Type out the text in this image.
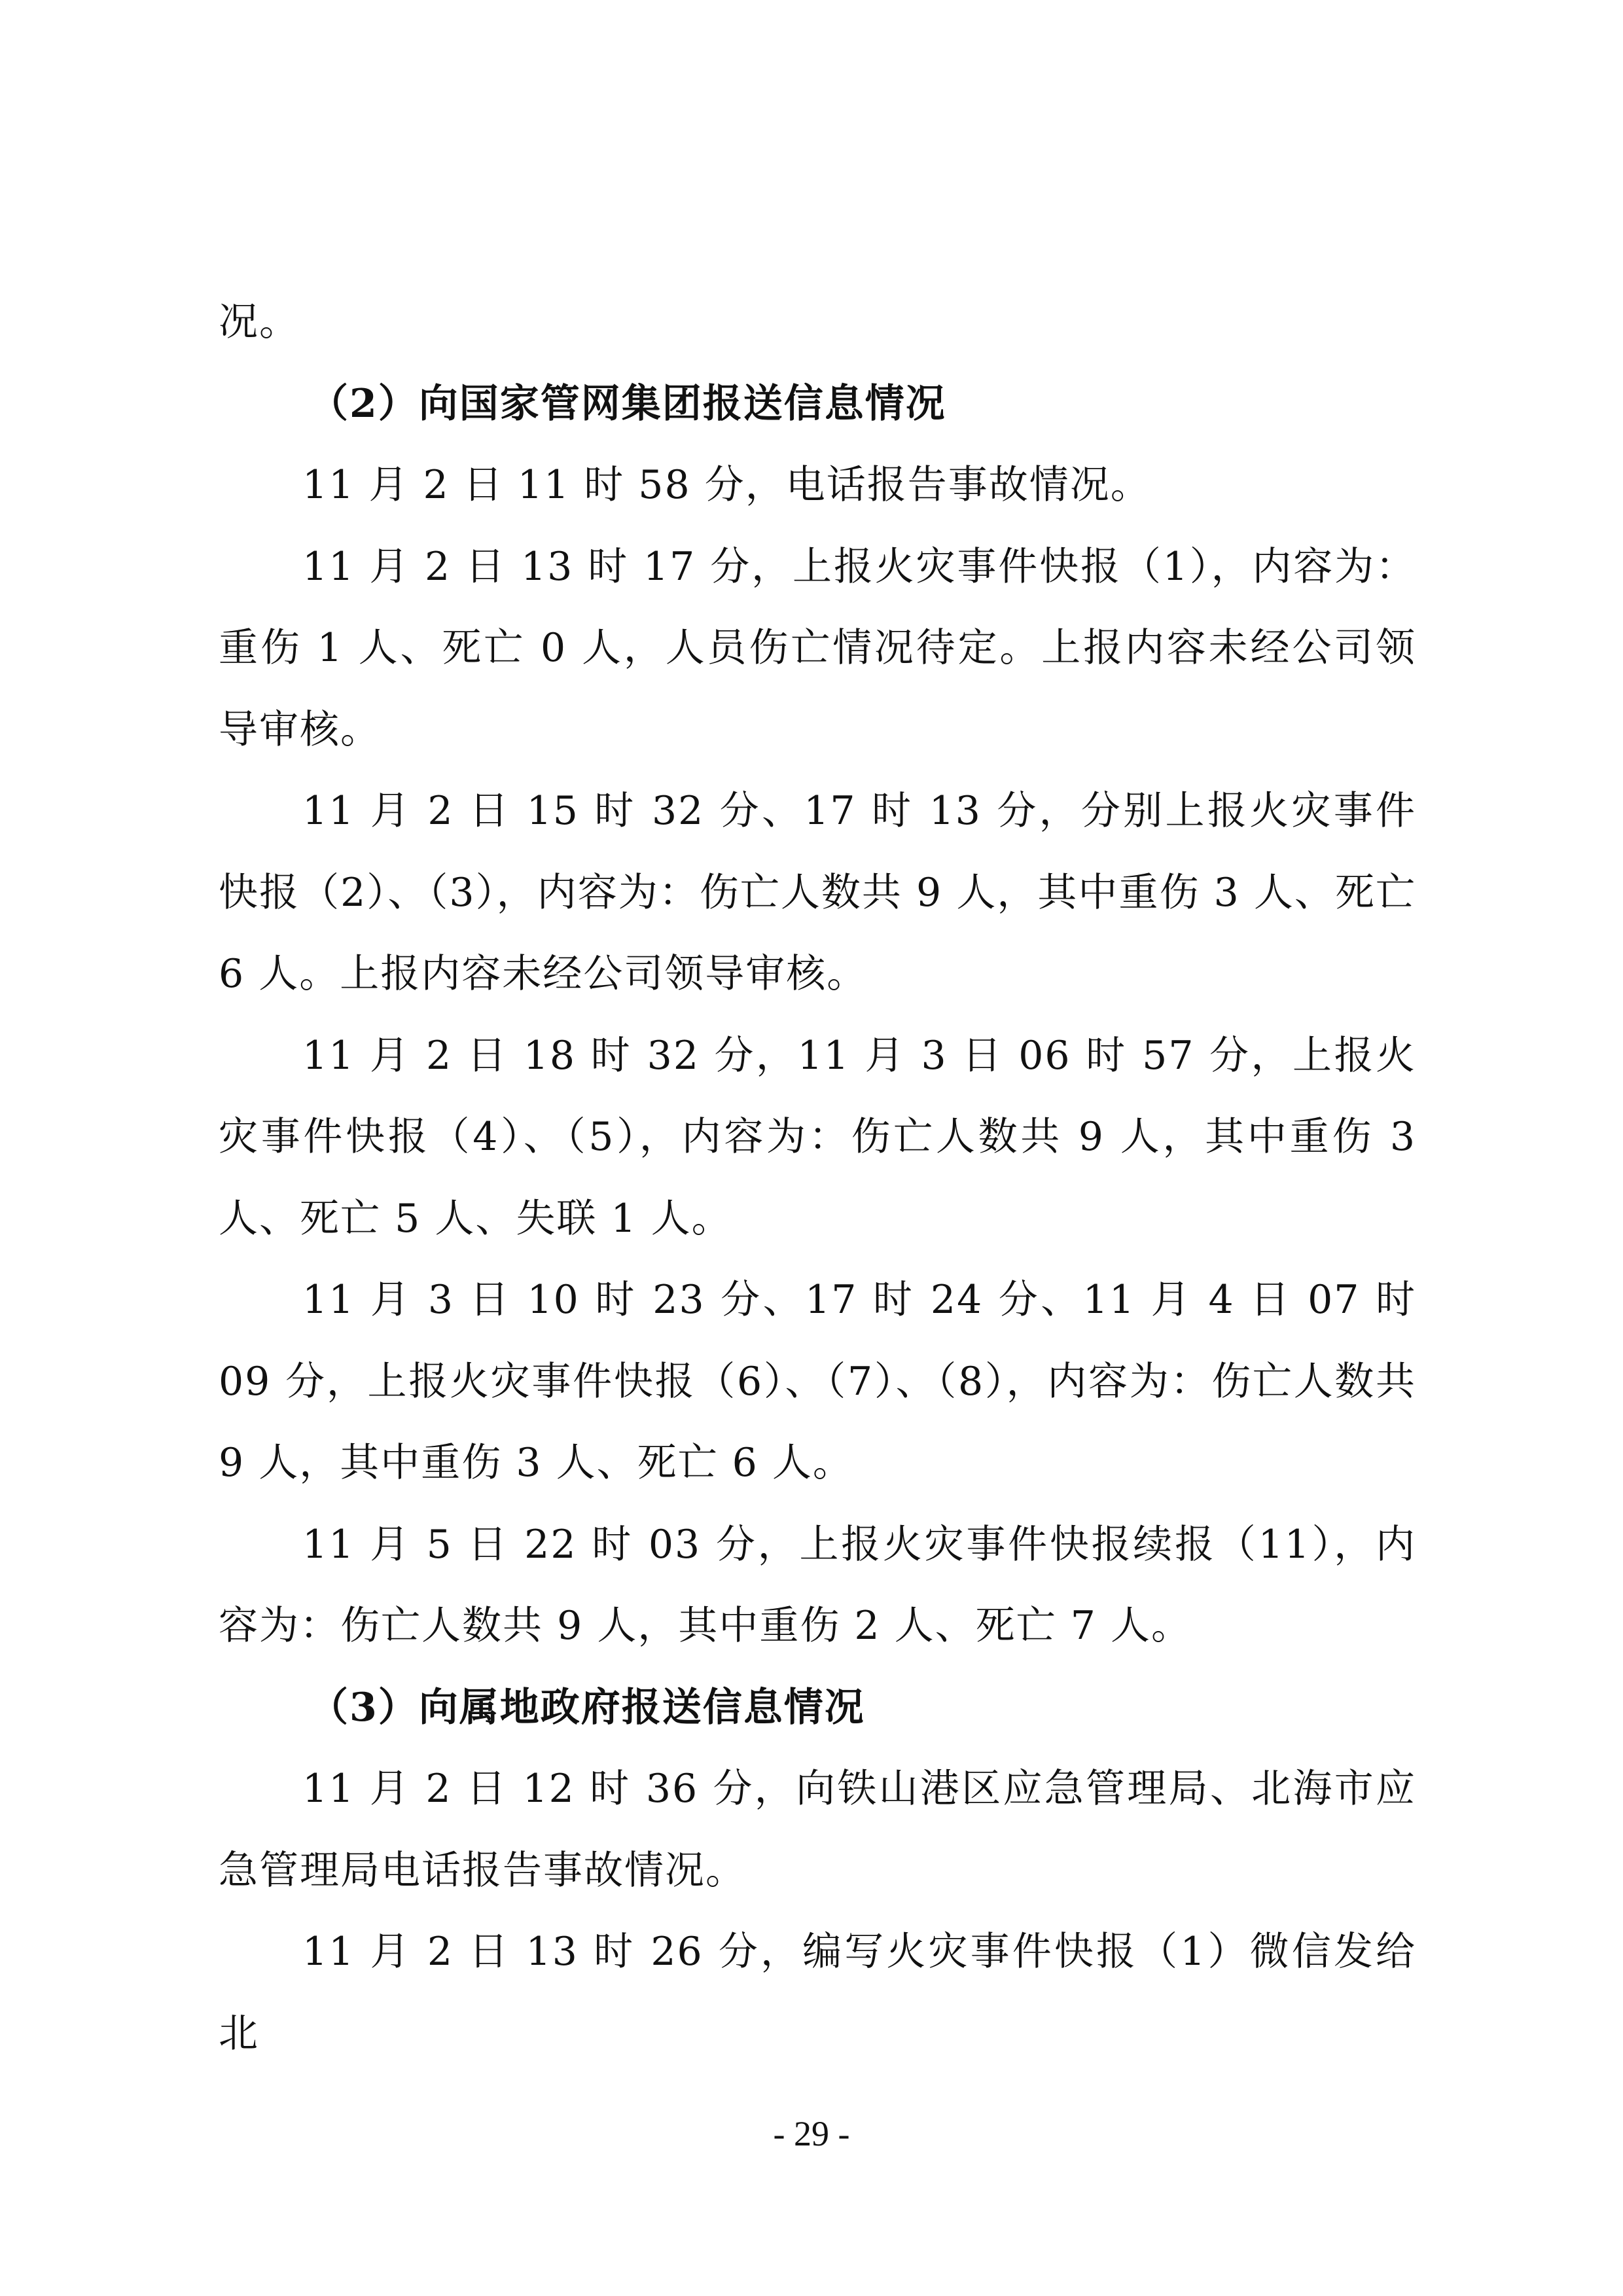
况。

（2）向国家管网集团报送信息情况

11 月 2 日 11 时 58 分，电话报告事故情况。

11 月 2 日 13 时 17 分，上报火灾事件快报（1），内容为：重伤 1 人、死亡 0 人，人员伤亡情况待定。上报内容未经公司领导审核。

11 月 2 日 15 时 32 分、17 时 13 分，分别上报火灾事件快报（2）、（3），内容为：伤亡人数共 9 人，其中重伤 3 人、死亡 6 人。上报内容未经公司领导审核。

11 月 2 日 18 时 32 分，11 月 3 日 06 时 57 分，上报火灾事件快报（4）、（5），内容为：伤亡人数共 9 人，其中重伤 3 人、死亡 5 人、失联 1 人。

11 月 3 日 10 时 23 分、17 时 24 分、11 月 4 日 07 时 09 分，上报火灾事件快报（6）、（7）、（8），内容为：伤亡人数共 9 人，其中重伤 3 人、死亡 6 人。

11 月 5 日 22 时 03 分，上报火灾事件快报续报（11），内容为：伤亡人数共 9 人，其中重伤 2 人、死亡 7 人。

（3）向属地政府报送信息情况

11 月 2 日 12 时 36 分，向铁山港区应急管理局、北海市应急管理局电话报告事故情况。

11 月 2 日 13 时 26 分，编写火灾事件快报（1）微信发给北

- 29 -
